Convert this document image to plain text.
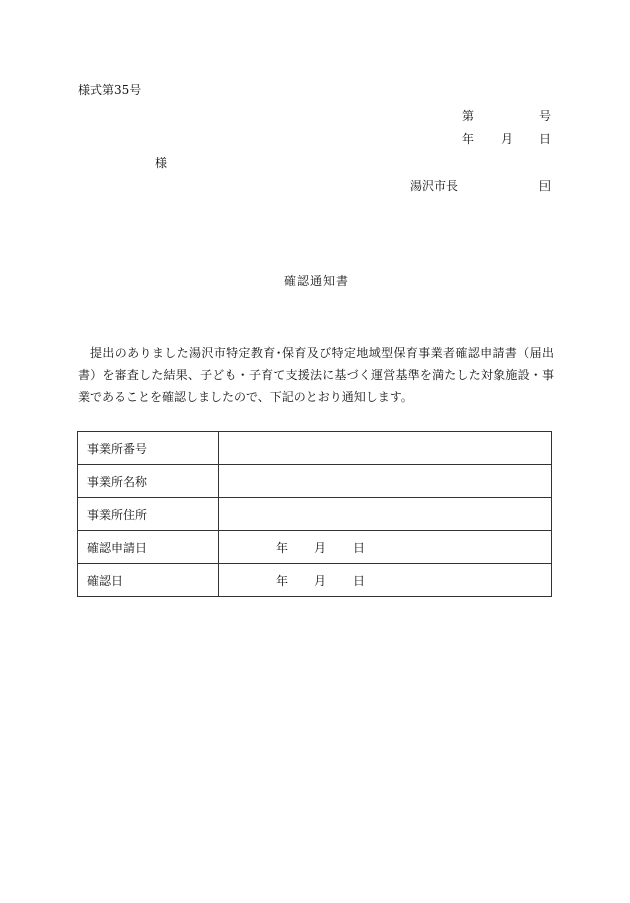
様式第35号
第	号
年 月 日
様
湯沢市長	囙
確認通知書
提出のありました湯沢市特定教育･保育及び特定地域型保育事業者確認申請書（届出書）を審査した結果、子ども・子育て支援法に基づく運営基準を満たした対象施設・事業であることを確認しましたので、下記のとおり通知します。
事業所番号	
事業所名称	
事業所住所	
確認申請日	年 月 日

確認日	年 月 日
